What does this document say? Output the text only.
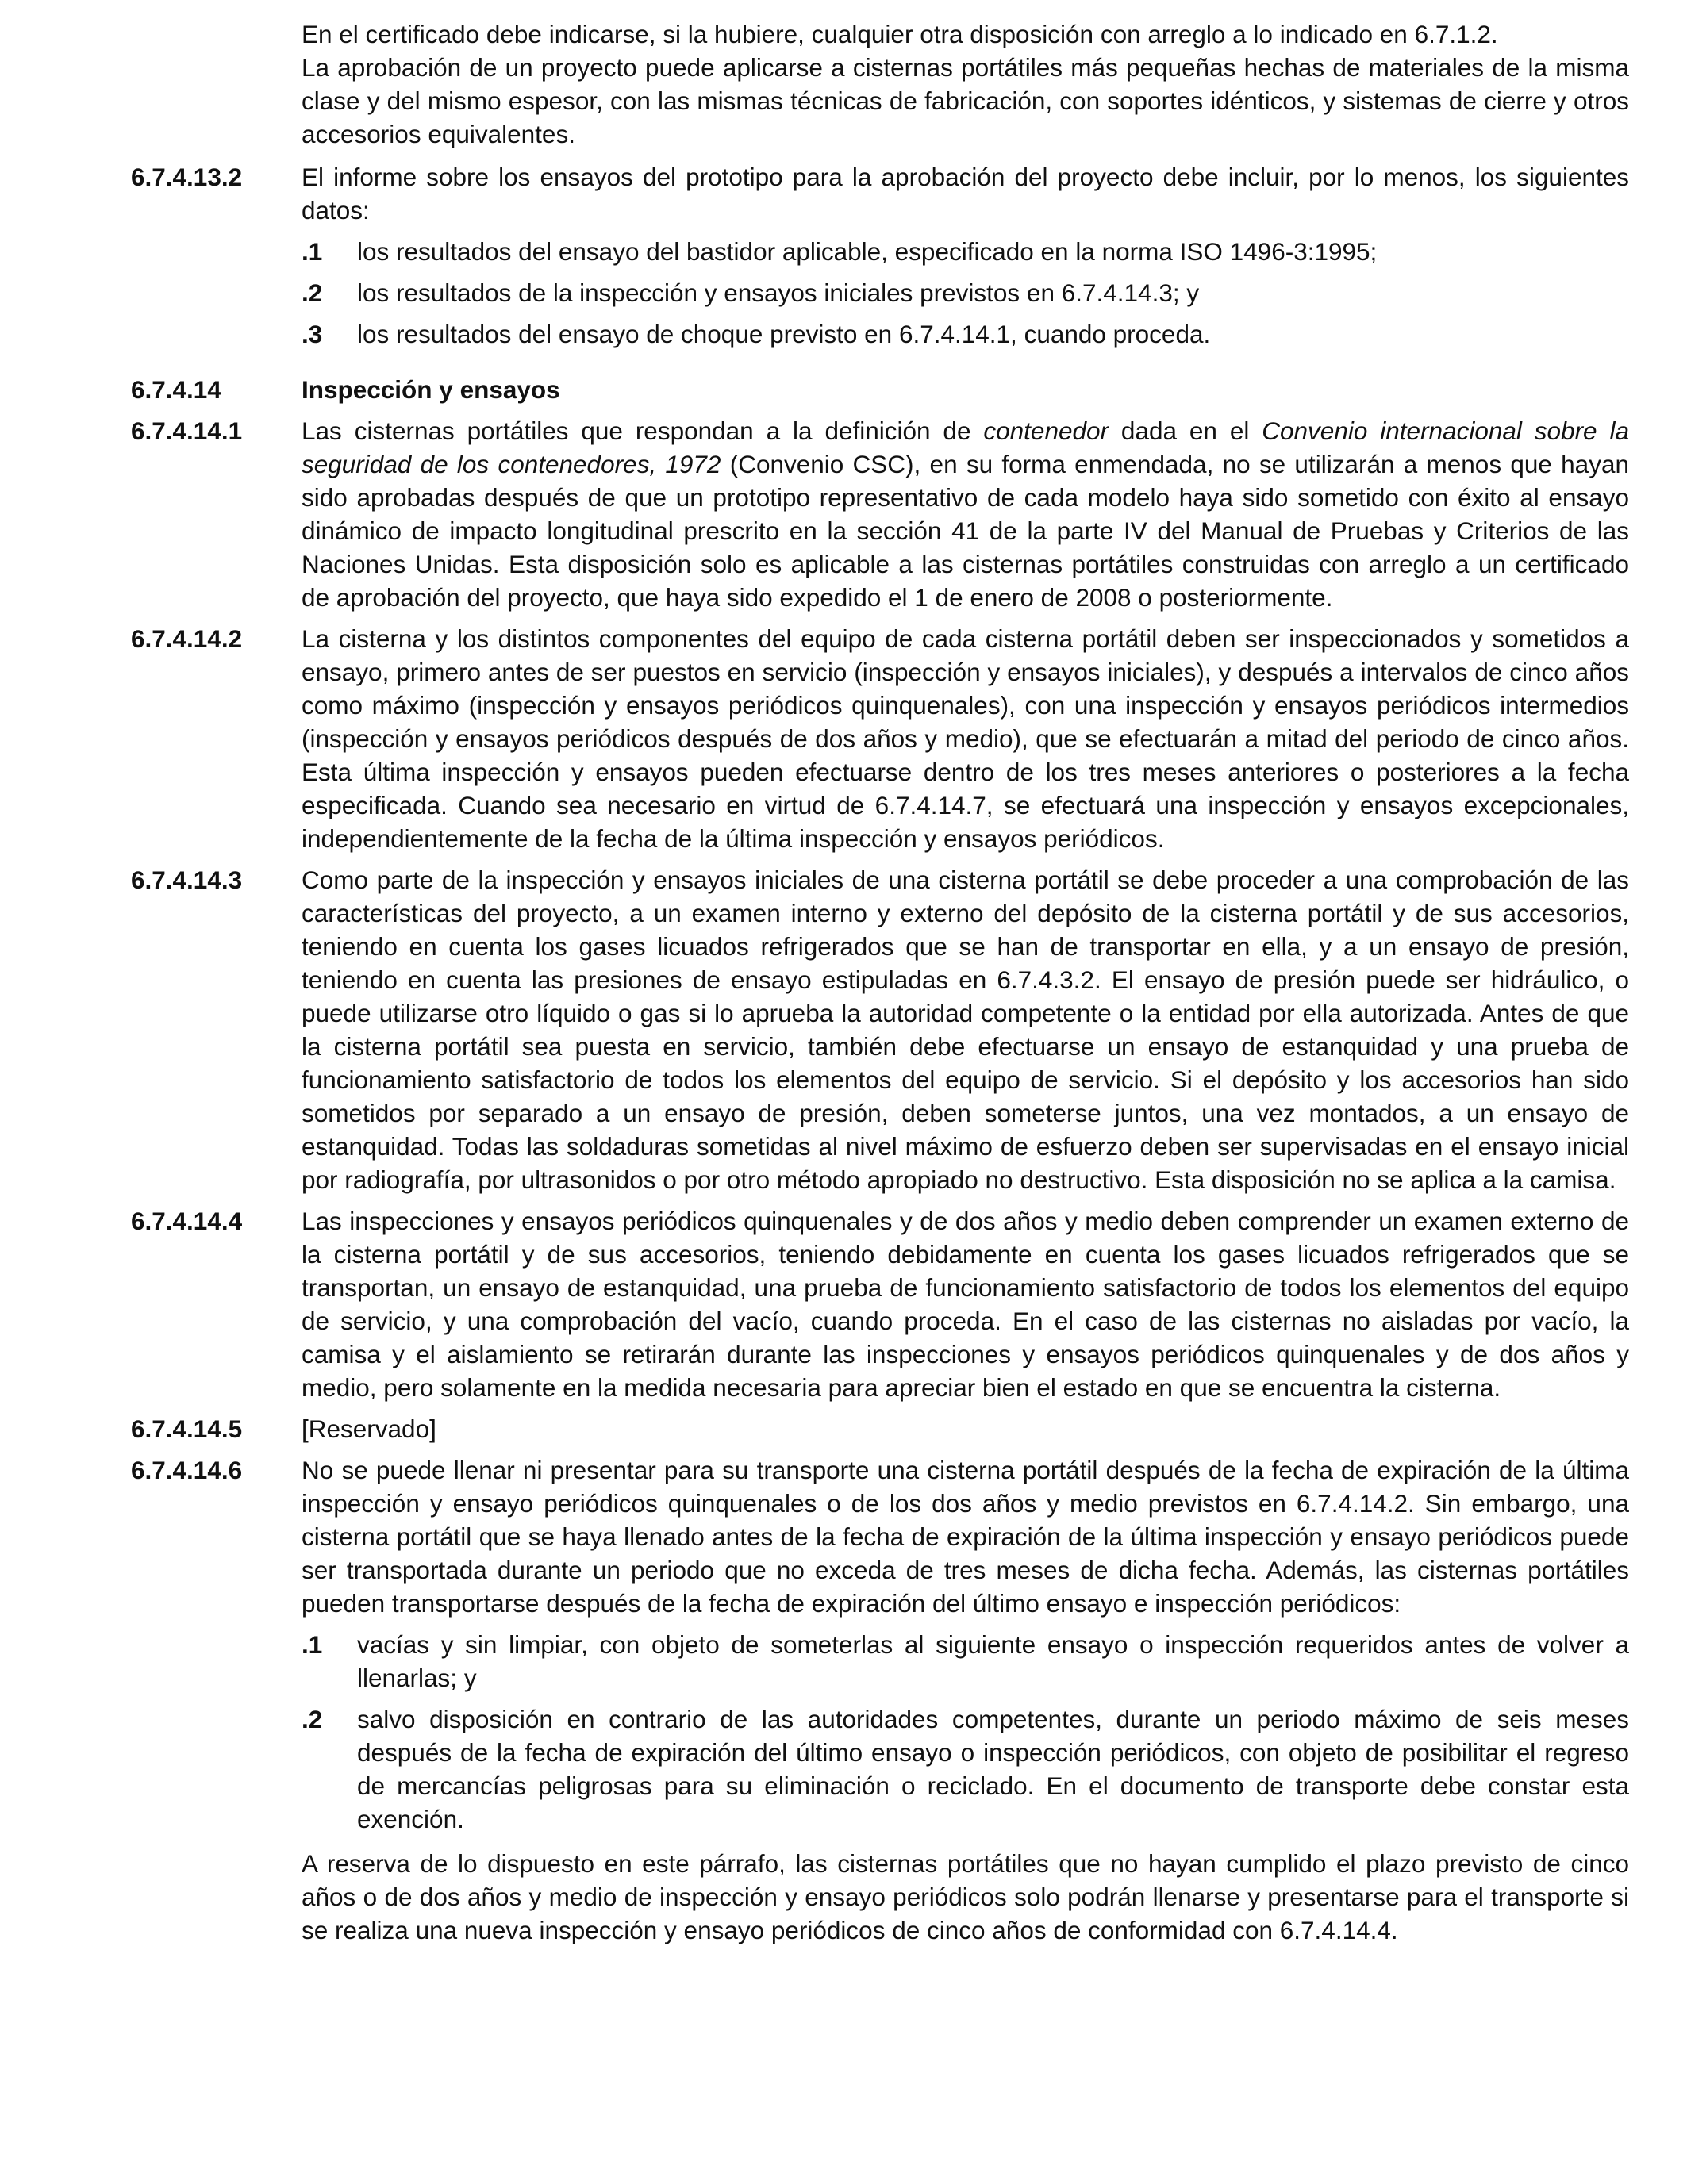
En el certificado debe indicarse, si la hubiere, cualquier otra disposición con arreglo a lo indicado en 6.7.1.2.
La aprobación de un proyecto puede aplicarse a cisternas portátiles más pequeñas hechas de materiales de la misma clase y del mismo espesor, con las mismas técnicas de fabricación, con soportes idénticos, y sistemas de cierre y otros accesorios equivalentes.
6.7.4.13.2	El informe sobre los ensayos del prototipo para la aprobación del proyecto debe incluir, por lo menos, los siguientes datos:
.1	los resultados del ensayo del bastidor aplicable, especificado en la norma ISO 1496-3:1995;
.2	los resultados de la inspección y ensayos iniciales previstos en 6.7.4.14.3; y
.3	los resultados del ensayo de choque previsto en 6.7.4.14.1, cuando proceda.
6.7.4.14	Inspección y ensayos
6.7.4.14.1	Las cisternas portátiles que respondan a la definición de contenedor dada en el Convenio internacional sobre la seguridad de los contenedores, 1972 (Convenio CSC), en su forma enmendada, no se utilizarán a menos que hayan sido aprobadas después de que un prototipo representativo de cada modelo haya sido sometido con éxito al ensayo dinámico de impacto longitudinal prescrito en la sección 41 de la parte IV del Manual de Pruebas y Criterios de las Naciones Unidas. Esta disposición solo es aplicable a las cisternas portátiles construidas con arreglo a un certificado de aprobación del proyecto, que haya sido expedido el 1 de enero de 2008 o posteriormente.
6.7.4.14.2	La cisterna y los distintos componentes del equipo de cada cisterna portátil deben ser inspeccionados y sometidos a ensayo, primero antes de ser puestos en servicio (inspección y ensayos iniciales), y después a intervalos de cinco años como máximo (inspección y ensayos periódicos quinquenales), con una inspección y ensayos periódicos intermedios (inspección y ensayos periódicos después de dos años y medio), que se efectuarán a mitad del periodo de cinco años. Esta última inspección y ensayos pueden efectuarse dentro de los tres meses anteriores o posteriores a la fecha especificada. Cuando sea necesario en virtud de 6.7.4.14.7, se efectuará una inspección y ensayos excepcionales, independientemente de la fecha de la última inspección y ensayos periódicos.
6.7.4.14.3	Como parte de la inspección y ensayos iniciales de una cisterna portátil se debe proceder a una comprobación de las características del proyecto, a un examen interno y externo del depósito de la cisterna portátil y de sus accesorios, teniendo en cuenta los gases licuados refrigerados que se han de transportar en ella, y a un ensayo de presión, teniendo en cuenta las presiones de ensayo estipuladas en 6.7.4.3.2. El ensayo de presión puede ser hidráulico, o puede utilizarse otro líquido o gas si lo aprueba la autoridad competente o la entidad por ella autorizada. Antes de que la cisterna portátil sea puesta en servicio, también debe efectuarse un ensayo de estanquidad y una prueba de funcionamiento satisfactorio de todos los elementos del equipo de servicio. Si el depósito y los accesorios han sido sometidos por separado a un ensayo de presión, deben someterse juntos, una vez montados, a un ensayo de estanquidad. Todas las soldaduras sometidas al nivel máximo de esfuerzo deben ser supervisadas en el ensayo inicial por radiografía, por ultrasonidos o por otro método apropiado no destructivo. Esta disposición no se aplica a la camisa.
6.7.4.14.4	Las inspecciones y ensayos periódicos quinquenales y de dos años y medio deben comprender un examen externo de la cisterna portátil y de sus accesorios, teniendo debidamente en cuenta los gases licuados refrigerados que se transportan, un ensayo de estanquidad, una prueba de funcionamiento satisfactorio de todos los elementos del equipo de servicio, y una comprobación del vacío, cuando proceda. En el caso de las cisternas no aisladas por vacío, la camisa y el aislamiento se retirarán durante las inspecciones y ensayos periódicos quinquenales y de dos años y medio, pero solamente en la medida necesaria para apreciar bien el estado en que se encuentra la cisterna.
6.7.4.14.5	[Reservado]
6.7.4.14.6	No se puede llenar ni presentar para su transporte una cisterna portátil después de la fecha de expiración de la última inspección y ensayo periódicos quinquenales o de los dos años y medio previstos en 6.7.4.14.2. Sin embargo, una cisterna portátil que se haya llenado antes de la fecha de expiración de la última inspección y ensayo periódicos puede ser transportada durante un periodo que no exceda de tres meses de dicha fecha. Además, las cisternas portátiles pueden transportarse después de la fecha de expiración del último ensayo e inspección periódicos:
.1	vacías y sin limpiar, con objeto de someterlas al siguiente ensayo o inspección requeridos antes de volver a llenarlas; y
.2	salvo disposición en contrario de las autoridades competentes, durante un periodo máximo de seis meses después de la fecha de expiración del último ensayo o inspección periódicos, con objeto de posibilitar el regreso de mercancías peligrosas para su eliminación o reciclado. En el documento de transporte debe constar esta exención.
A reserva de lo dispuesto en este párrafo, las cisternas portátiles que no hayan cumplido el plazo previsto de cinco años o de dos años y medio de inspección y ensayo periódicos solo podrán llenarse y presentarse para el transporte si se realiza una nueva inspección y ensayo periódicos de cinco años de conformidad con 6.7.4.14.4.
